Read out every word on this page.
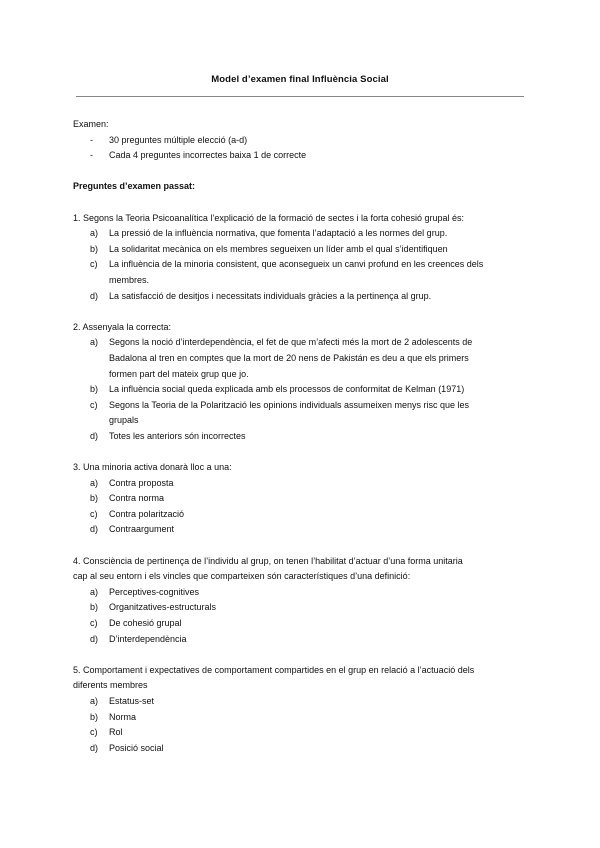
Model d’examen final Influència Social

Examen:

-	30 preguntes múltiple elecció (a-d)
-	Cada 4 preguntes incorrectes baixa 1 de correcte

Preguntes d’examen passat:

1. Segons la Teoria Psicoanalítica l’explicació de la formació de sectes i la forta cohesió grupal és:

a)	La pressió de la influència normativa, que fomenta l’adaptació a les normes del grup.
b)	La solidaritat mecànica on els membres segueixen un líder amb el qual s’identifiquen
c)	La influència de la minoria consistent, que aconsegueix un canvi profund en les creences dels
membres.
d)	La satisfacció de desitjos i necessitats individuals gràcies a la pertinença al grup.

2. Assenyala la correcta:

a)	Segons la noció d’interdependència, el fet de que m’afecti més la mort de 2 adolescents de
Badalona al tren en comptes que la mort de 20 nens de Pakistán es deu a que els primers
formen part del mateix grup que jo.
b)	La influència social queda explicada amb els processos de conformitat de Kelman (1971)
c)	Segons la Teoria de la Polarització les opinions individuals assumeixen menys risc que les
grupals
d)	Totes les anteriors són incorrectes

3. Una minoria activa donarà lloc a una:

a)	Contra proposta
b)	Contra norma
c)	Contra polarització
d)	Contraargument

4. Consciència de pertinença de l’individu al grup, on tenen l’habilitat d’actuar d’una forma unitaria

cap al seu entorn i els vincles que comparteixen són característiques d’una definició:

a)	Perceptives-cognitives
b)	Organitzatives-estructurals
c)	De cohesió grupal
d)	D’interdependència

5. Comportament i expectatives de comportament compartides en el grup en relació a l’actuació dels

diferents membres

a)	Estatus-set
b)	Norma
c)	Rol
d)	Posició social
